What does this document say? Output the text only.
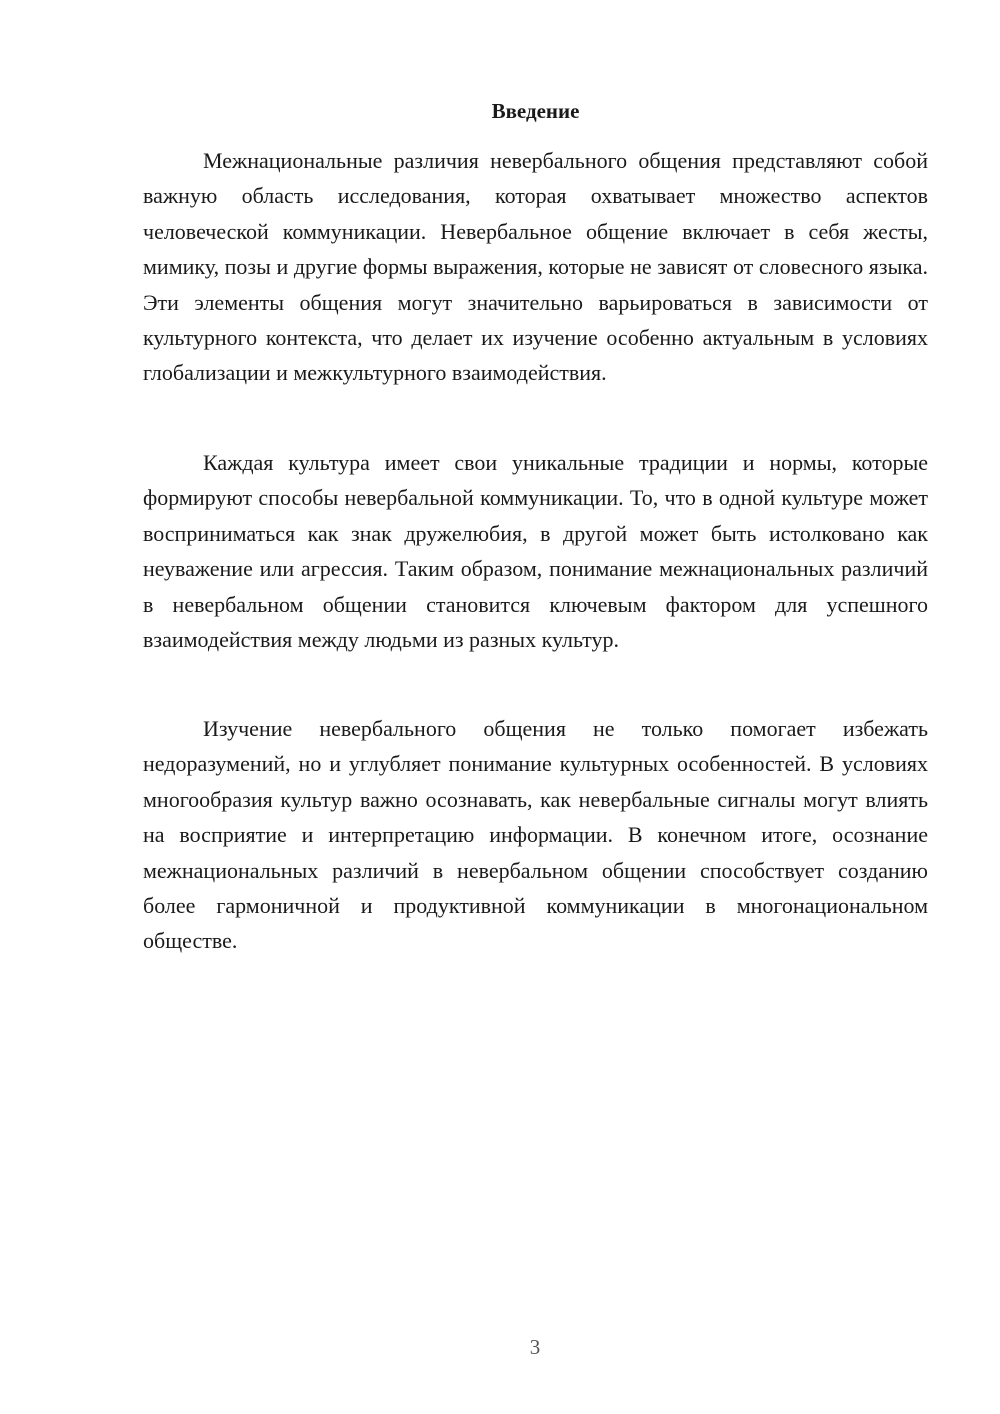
Введение

Межнациональные различия невербального общения представляют собой важную область исследования, которая охватывает множество аспектов человеческой коммуникации. Невербальное общение включает в себя жесты, мимику, позы и другие формы выражения, которые не зависят от словесного языка. Эти элементы общения могут значительно варьироваться в зависимости от культурного контекста, что делает их изучение особенно актуальным в условиях глобализации и межкультурного взаимодействия.

Каждая культура имеет свои уникальные традиции и нормы, которые формируют способы невербальной коммуникации. То, что в одной культуре может восприниматься как знак дружелюбия, в другой может быть истолковано как неуважение или агрессия. Таким образом, понимание межнациональных различий в невербальном общении становится ключевым фактором для успешного взаимодействия между людьми из разных культур.

Изучение невербального общения не только помогает избежать недоразумений, но и углубляет понимание культурных особенностей. В условиях многообразия культур важно осознавать, как невербальные сигналы могут влиять на восприятие и интерпретацию информации. В конечном итоге, осознание межнациональных различий в невербальном общении способствует созданию более гармоничной и продуктивной коммуникации в многонациональном обществе.

3
